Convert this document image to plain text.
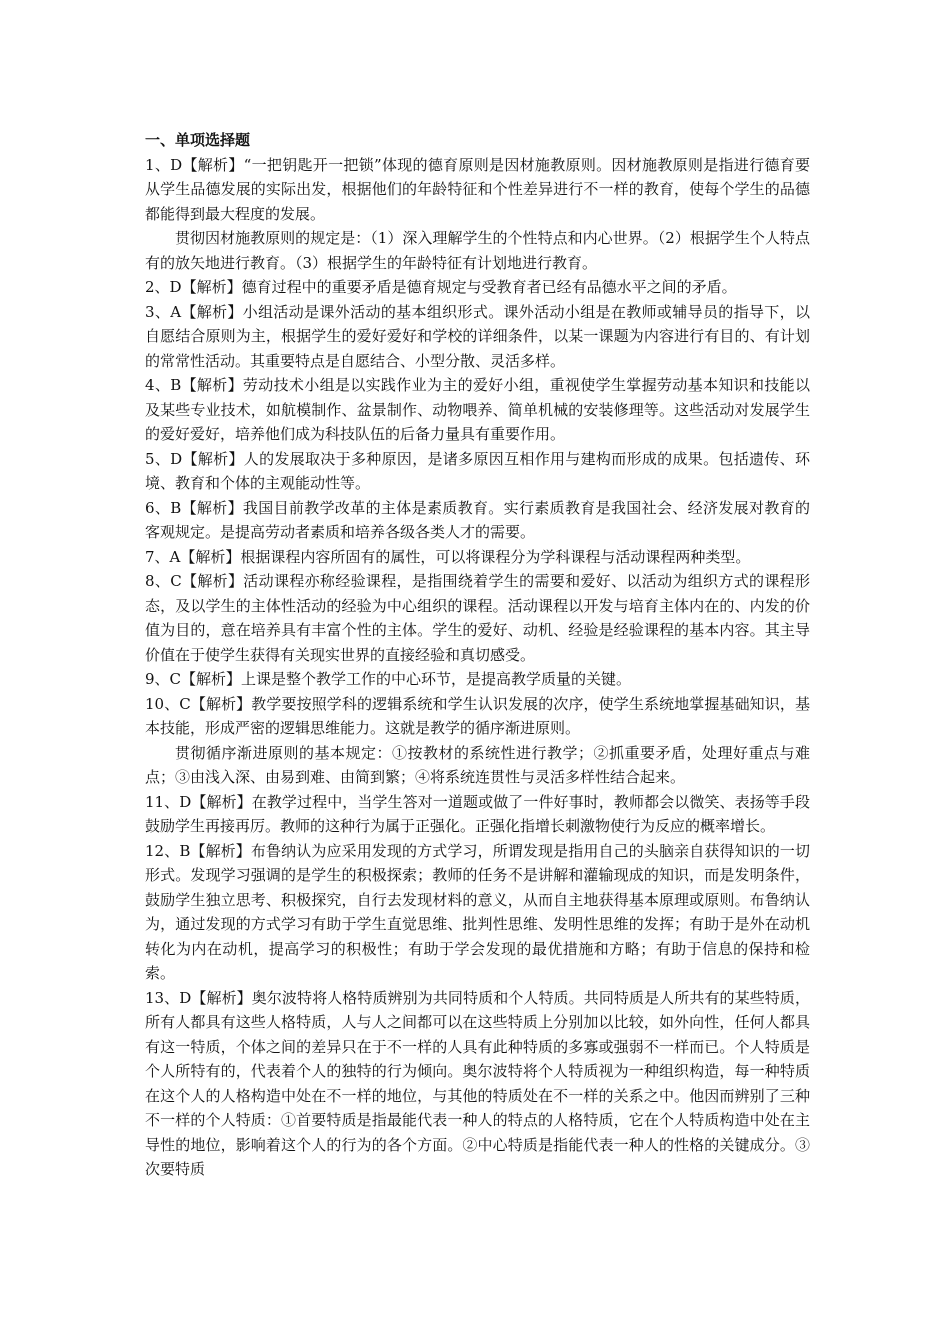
一、单项选择题

1、D【解析】“一把钥匙开一把锁”体现的德育原则是因材施教原则。因材施教原则是指进行德育要从学生品德发展的实际出发，根据他们的年龄特征和个性差异进行不一样的教育，使每个学生的品德都能得到最大程度的发展。

贯彻因材施教原则的规定是：（1）深入理解学生的个性特点和内心世界。（2）根据学生个人特点有的放矢地进行教育。（3）根据学生的年龄特征有计划地进行教育。

2、D【解析】德育过程中的重要矛盾是德育规定与受教育者已经有品德水平之间的矛盾。

3、A【解析】小组活动是课外活动的基本组织形式。课外活动小组是在教师或辅导员的指导下，以自愿结合原则为主，根据学生的爱好爱好和学校的详细条件，以某一课题为内容进行有目的、有计划的常常性活动。其重要特点是自愿结合、小型分散、灵活多样。

4、B【解析】劳动技术小组是以实践作业为主的爱好小组，重视使学生掌握劳动基本知识和技能以及某些专业技术，如航模制作、盆景制作、动物喂养、简单机械的安装修理等。这些活动对发展学生的爱好爱好，培养他们成为科技队伍的后备力量具有重要作用。

5、D【解析】人的发展取决于多种原因，是诸多原因互相作用与建构而形成的成果。包括遗传、环境、教育和个体的主观能动性等。

6、B【解析】我国目前教学改革的主体是素质教育。实行素质教育是我国社会、经济发展对教育的客观规定。是提高劳动者素质和培养各级各类人才的需要。

7、A【解析】根据课程内容所固有的属性，可以将课程分为学科课程与活动课程两种类型。

8、C【解析】活动课程亦称经验课程，是指围绕着学生的需要和爱好、以活动为组织方式的课程形态，及以学生的主体性活动的经验为中心组织的课程。活动课程以开发与培育主体内在的、内发的价值为目的，意在培养具有丰富个性的主体。学生的爱好、动机、经验是经验课程的基本内容。其主导价值在于使学生获得有关现实世界的直接经验和真切感受。

9、C【解析】上课是整个教学工作的中心环节，是提高教学质量的关键。

10、C【解析】教学要按照学科的逻辑系统和学生认识发展的次序，使学生系统地掌握基础知识，基本技能，形成严密的逻辑思维能力。这就是教学的循序渐进原则。

贯彻循序渐进原则的基本规定：①按教材的系统性进行教学；②抓重要矛盾，处理好重点与难点；③由浅入深、由易到难、由简到繁；④将系统连贯性与灵活多样性结合起来。

11、D【解析】在教学过程中，当学生答对一道题或做了一件好事时，教师都会以微笑、表扬等手段鼓励学生再接再厉。教师的这种行为属于正强化。正强化指增长刺激物使行为反应的概率增长。

12、B【解析】布鲁纳认为应采用发现的方式学习，所谓发现是指用自己的头脑亲自获得知识的一切形式。发现学习强调的是学生的积极探索；教师的任务不是讲解和灌输现成的知识，而是发明条件，鼓励学生独立思考、积极探究，自行去发现材料的意义，从而自主地获得基本原理或原则。布鲁纳认为，通过发现的方式学习有助于学生直觉思维、批判性思维、发明性思维的发挥；有助于是外在动机转化为内在动机，提高学习的积极性；有助于学会发现的最优措施和方略；有助于信息的保持和检索。

13、D【解析】奥尔波特将人格特质辨别为共同特质和个人特质。共同特质是人所共有的某些特质，所有人都具有这些人格特质，人与人之间都可以在这些特质上分别加以比较，如外向性，任何人都具有这一特质，个体之间的差异只在于不一样的人具有此种特质的多寡或强弱不一样而已。个人特质是个人所特有的，代表着个人的独特的行为倾向。奥尔波特将个人特质视为一种组织构造，每一种特质在这个人的人格构造中处在不一样的地位，与其他的特质处在不一样的关系之中。他因而辨别了三种不一样的个人特质：①首要特质是指最能代表一种人的特点的人格特质，它在个人特质构造中处在主导性的地位，影响着这个人的行为的各个方面。②中心特质是指能代表一种人的性格的关键成分。③次要特质
